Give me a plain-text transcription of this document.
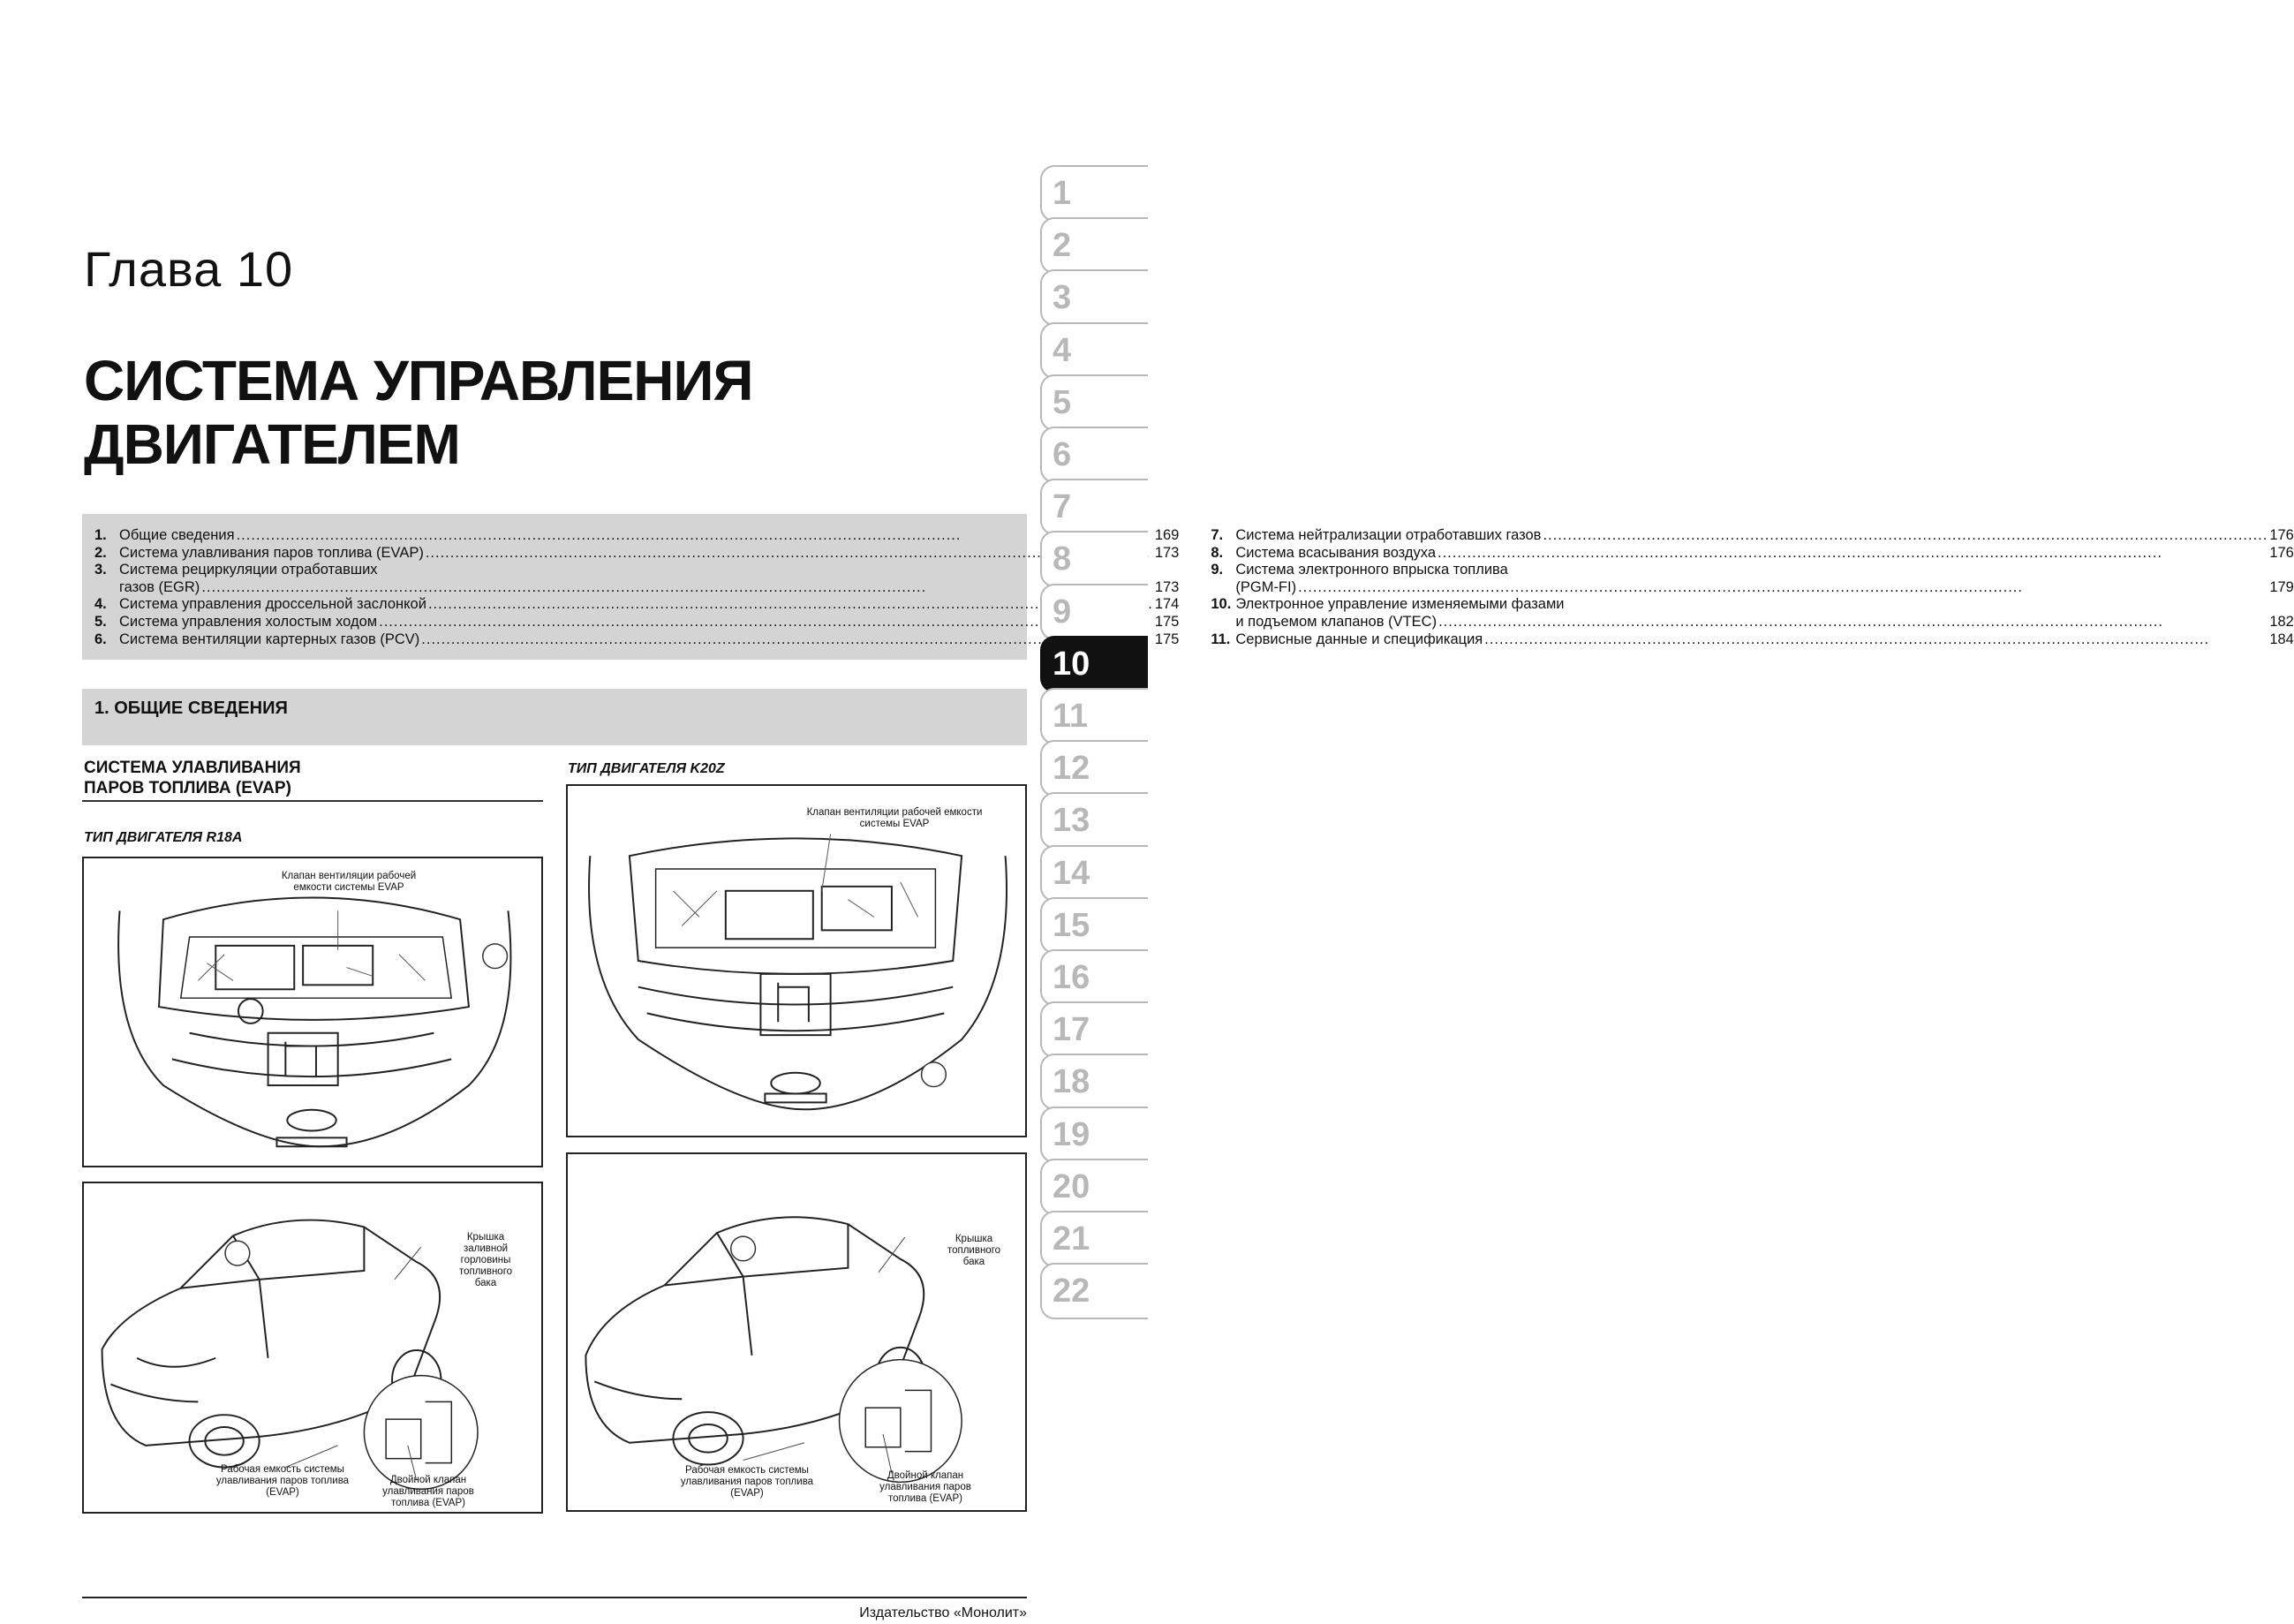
Глава 10
СИСТЕМА УПРАВЛЕНИЯ
ДВИГАТЕЛЕМ
1. Общие сведения .....	169
2. Система улавливания паров топлива (EVAP) .....	173
3. Система рециркуляции отработавших
газов (EGR) .....	173
4. Система управления дроссельной заслонкой .....	174
5. Система управления холостым ходом .....	175
6. Система вентиляции картерных газов (PCV) .....	175
7. Система нейтрализации отработавших газов .....	176
8. Система всасывания воздуха .....	176
9. Система электронного впрыска топлива
(PGM-FI) .....	179
10. Электронное управление изменяемыми фазами
и подъемом клапанов (VTEC) .....	182
11. Сервисные данные и спецификация .....	184
1. ОБЩИЕ СВЕДЕНИЯ
СИСТЕМА УЛАВЛИВАНИЯ
ПАРОВ ТОПЛИВА (EVAP)
ТИП ДВИГАТЕЛЯ R18A
Клапан вентиляции рабочей емкости системы EVAP
Крышка заливной горловины топливного бака
Рабочая емкость системы улавливания паров топлива (EVAP)
Двойной клапан улавливания паров топлива (EVAP)
ТИП ДВИГАТЕЛЯ K20Z
Клапан вентиляции рабочей емкости системы EVAP
Крышка топливного бака
Рабочая емкость системы улавливания паров топлива (EVAP)
Двойной клапан улавливания паров топлива (EVAP)
1
2
3
4
5
6
7
8
9
10
11
12
13
14
15
16
17
18
19
20
21
22
Издательство «Монолит»
